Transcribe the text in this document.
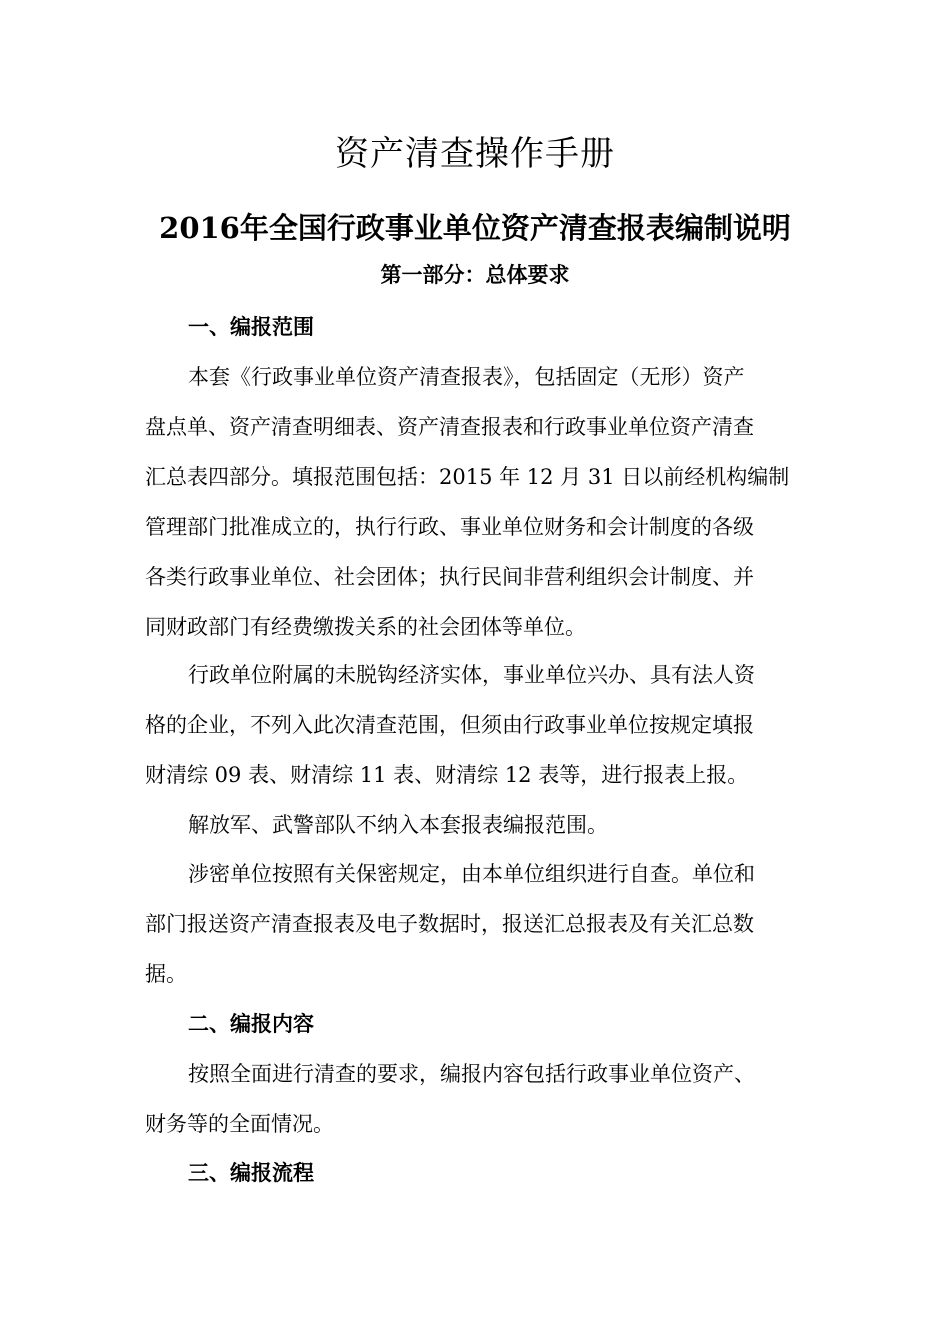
资产清查操作手册
2016年全国行政事业单位资产清查报表编制说明
第一部分：总体要求
一、编报范围
本套《行政事业单位资产清查报表》，包括固定（无形）资产
盘点单、资产清查明细表、资产清查报表和行政事业单位资产清查
汇总表四部分。填报范围包括：2015 年 12 月 31 日以前经机构编制
管理部门批准成立的，执行行政、事业单位财务和会计制度的各级
各类行政事业单位、社会团体；执行民间非营利组织会计制度、并
同财政部门有经费缴拨关系的社会团体等单位。
行政单位附属的未脱钩经济实体，事业单位兴办、具有法人资
格的企业，不列入此次清查范围，但须由行政事业单位按规定填报
财清综 09 表、财清综 11 表、财清综 12 表等，进行报表上报。
解放军、武警部队不纳入本套报表编报范围。
涉密单位按照有关保密规定，由本单位组织进行自查。单位和
部门报送资产清查报表及电子数据时，报送汇总报表及有关汇总数
据。
二、编报内容
按照全面进行清查的要求，编报内容包括行政事业单位资产、
财务等的全面情况。
三、编报流程
